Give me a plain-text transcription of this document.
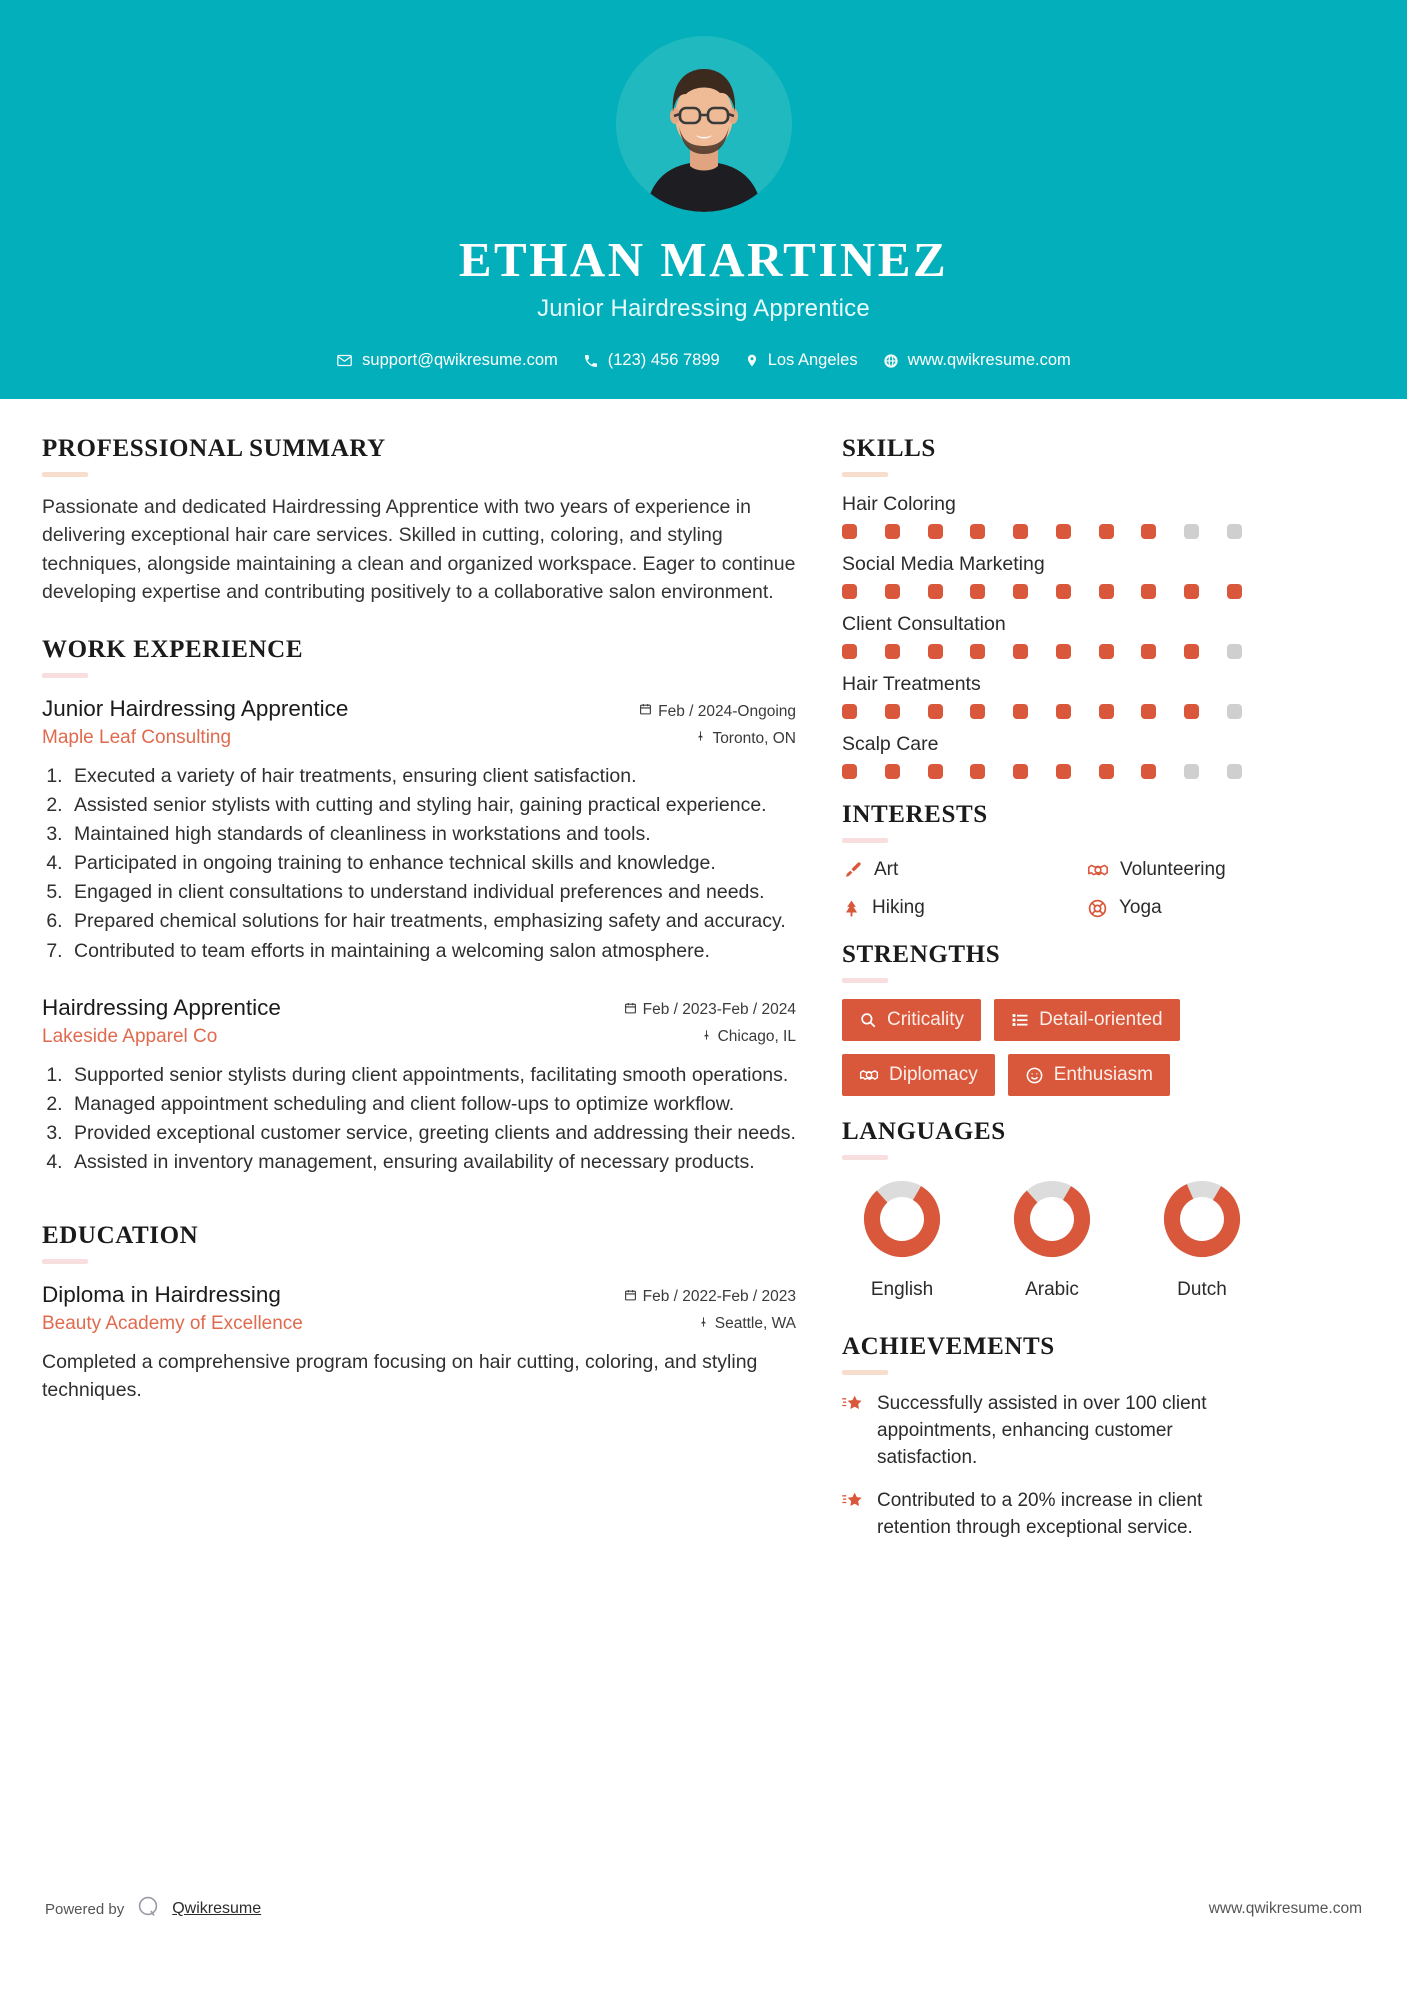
ETHAN MARTINEZ
Junior Hairdressing Apprentice
support@qwikresume.com	(123) 456 7899	Los Angeles	www.qwikresume.com
PROFESSIONAL SUMMARY

Passionate and dedicated Hairdressing Apprentice with two years of experience in delivering exceptional hair care services. Skilled in cutting, coloring, and styling techniques, alongside maintaining a clean and organized workspace. Eager to continue developing expertise and contributing positively to a collaborative salon environment.

WORK EXPERIENCE
Junior Hairdressing Apprentice	Feb / 2024-Ongoing
Maple Leaf Consulting	Toronto, ON
1. Executed a variety of hair treatments, ensuring client satisfaction.
2. Assisted senior stylists with cutting and styling hair, gaining practical experience.
3. Maintained high standards of cleanliness in workstations and tools.
4. Participated in ongoing training to enhance technical skills and knowledge.
5. Engaged in client consultations to understand individual preferences and needs.
6. Prepared chemical solutions for hair treatments, emphasizing safety and accuracy.
7. Contributed to team efforts in maintaining a welcoming salon atmosphere.
Hairdressing Apprentice	Feb / 2023-Feb / 2024
Lakeside Apparel Co	Chicago, IL
1. Supported senior stylists during client appointments, facilitating smooth operations.
2. Managed appointment scheduling and client follow-ups to optimize workflow.
3. Provided exceptional customer service, greeting clients and addressing their needs.
4. Assisted in inventory management, ensuring availability of necessary products.
EDUCATION
Diploma in Hairdressing	Feb / 2022-Feb / 2023
Beauty Academy of Excellence	Seattle, WA

Completed a comprehensive program focusing on hair cutting, coloring, and styling techniques.

SKILLS
Hair Coloring
Social Media Marketing
Client Consultation
Hair Treatments
Scalp Care
INTERESTS
Art	Volunteering
Hiking	Yoga
STRENGTHS
Criticality	Detail-oriented
Diplomacy	Enthusiasm
LANGUAGES
English	Arabic	Dutch
ACHIEVEMENTS
Successfully assisted in over 100 client appointments, enhancing customer satisfaction.
Contributed to a 20% increase in client retention through exceptional service.
Powered by	Qwikresume	www.qwikresume.com
